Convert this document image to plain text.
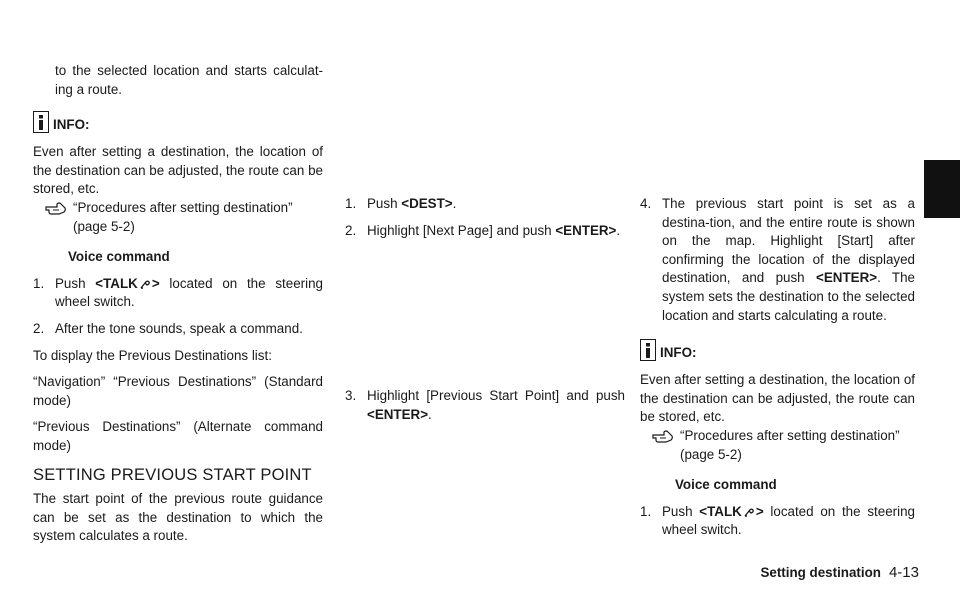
to the selected location and starts calculat-ing a route.

INFO:

Even after setting a destination, the location of the destination can be adjusted, the route can be stored, etc.

“Procedures after setting destination”

(page 5-2)

Voice command

1. Push <TALK > located on the steering wheel switch.
2. After the tone sounds, speak a command.

To display the Previous Destinations list:

“Navigation” “Previous Destinations” (Standard mode)

“Previous Destinations” (Alternate command mode)

SETTING PREVIOUS START POINT

The start point of the previous route guidance can be set as the destination to which the system calculates a route.

1. Push <DEST>.
2. Highlight [Next Page] and push <ENTER>.
3. Highlight [Previous Start Point] and push <ENTER>.
4. The previous start point is set as a destina-tion, and the entire route is shown on the map. Highlight [Start] after confirming the location of the displayed destination, and push <ENTER>. The system sets the destination to the selected location and starts calculating a route.
INFO:

Even after setting a destination, the location of the destination can be adjusted, the route can be stored, etc.

“Procedures after setting destination”

(page 5-2)

Voice command

1. Push <TALK > located on the steering wheel switch.
Setting destination 4-13
